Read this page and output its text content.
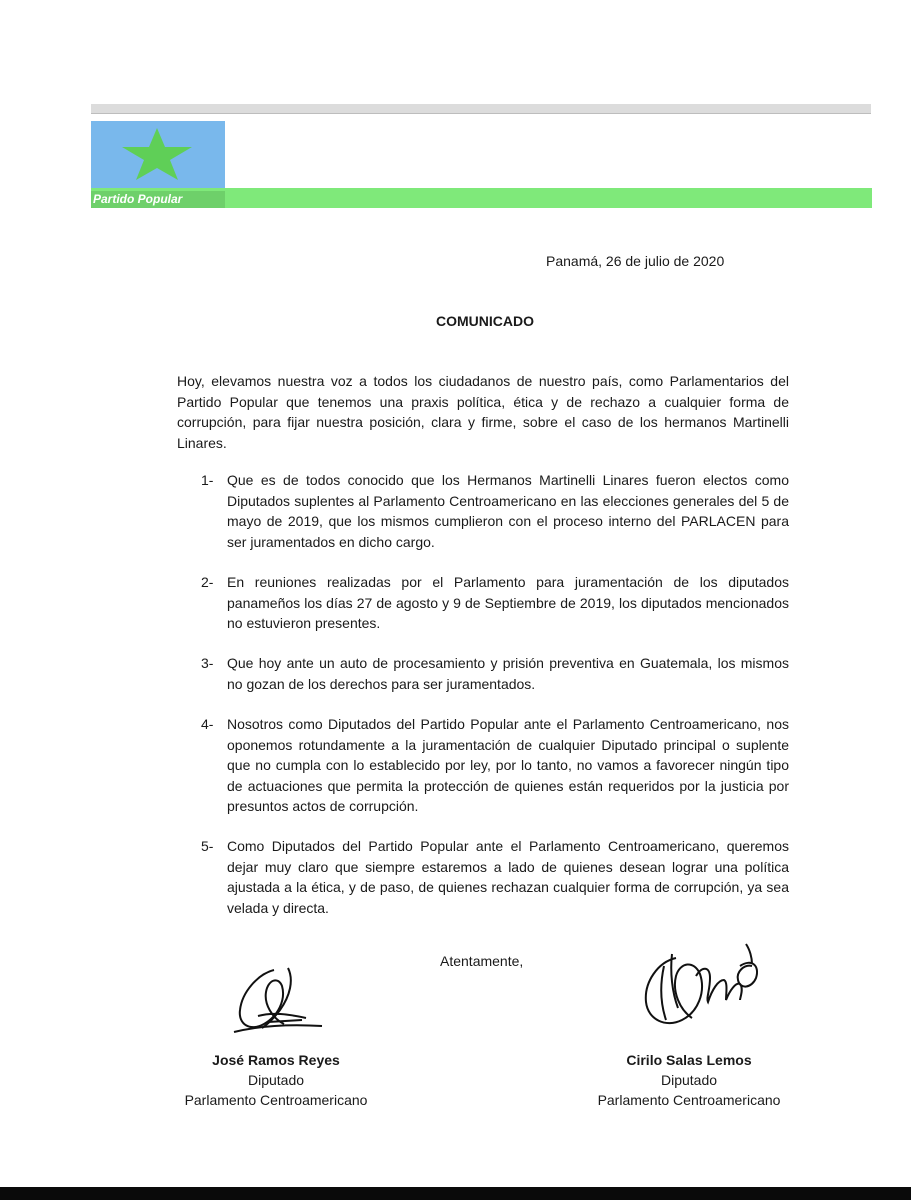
Partido Popular
Panamá, 26 de julio de 2020
COMUNICADO
Hoy, elevamos nuestra voz a todos los ciudadanos de nuestro país, como Parlamentarios del Partido Popular que tenemos una praxis política, ética y de rechazo a cualquier forma de corrupción, para fijar nuestra posición, clara y firme, sobre el caso de los hermanos Martinelli Linares.
1- Que es de todos conocido que los Hermanos Martinelli Linares fueron electos como Diputados suplentes al Parlamento Centroamericano en las elecciones generales del 5 de mayo de 2019, que los mismos cumplieron con el proceso interno del PARLACEN para ser juramentados en dicho cargo.
2- En reuniones realizadas por el Parlamento para juramentación de los diputados panameños los días 27 de agosto y 9 de Septiembre de 2019, los diputados mencionados no estuvieron presentes.
3- Que hoy ante un auto de procesamiento y prisión preventiva en Guatemala, los mismos no gozan de los derechos para ser juramentados.
4- Nosotros como Diputados del Partido Popular ante el Parlamento Centroamericano, nos oponemos rotundamente a la juramentación de cualquier Diputado principal o suplente que no cumpla con lo establecido por ley, por lo tanto, no vamos a favorecer ningún tipo de actuaciones que permita la protección de quienes están requeridos por la justicia por presuntos actos de corrupción.
5- Como Diputados del Partido Popular ante el Parlamento Centroamericano, queremos dejar muy claro que siempre estaremos a lado de quienes desean lograr una política ajustada a la ética, y de paso, de quienes rechazan cualquier forma de corrupción, ya sea velada y directa.
Atentamente,
José Ramos Reyes
Diputado
Parlamento Centroamericano
Cirilo Salas Lemos
Diputado
Parlamento Centroamericano
